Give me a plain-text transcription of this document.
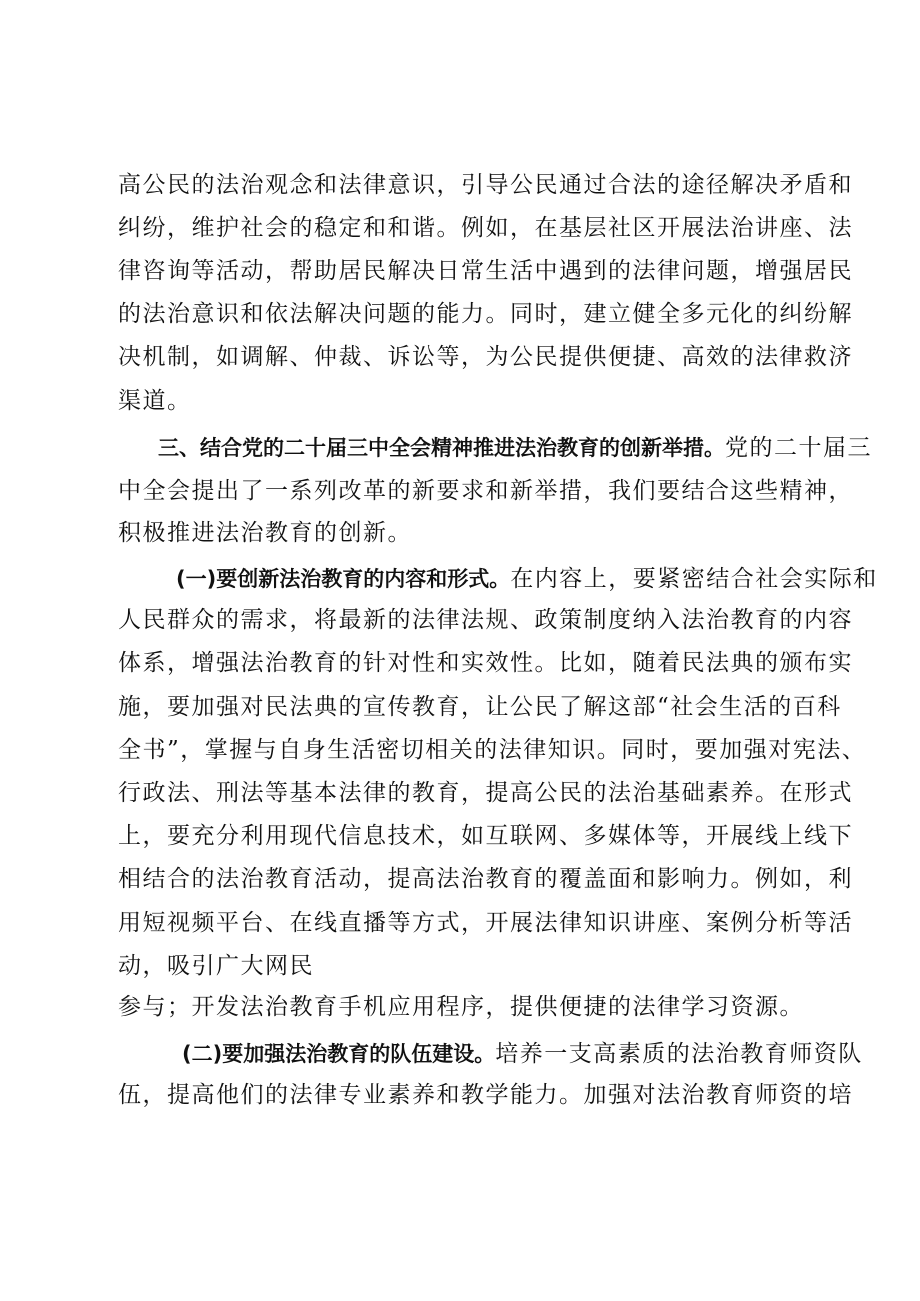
高公民的法治观念和法律意识，引导公民通过合法的途径解决矛盾和
纠纷，维护社会的稳定和和谐。例如，在基层社区开展法治讲座、法
律咨询等活动，帮助居民解决日常生活中遇到的法律问题，增强居民
的法治意识和依法解决问题的能力。同时，建立健全多元化的纠纷解
决机制，如调解、仲裁、诉讼等，为公民提供便捷、高效的法律救济
渠道。
三、结合党的二十届三中全会精神推进法治教育的创新举措。党的二十届三
中全会提出了一系列改革的新要求和新举措，我们要结合这些精神，
积极推进法治教育的创新。
(一)要创新法治教育的内容和形式。在内容上，要紧密结合社会实际和
人民群众的需求，将最新的法律法规、政策制度纳入法治教育的内容
体系，增强法治教育的针对性和实效性。比如，随着民法典的颁布实
施，要加强对民法典的宣传教育，让公民了解这部“社会生活的百科
全书”，掌握与自身生活密切相关的法律知识。同时，要加强对宪法、
行政法、刑法等基本法律的教育，提高公民的法治基础素养。在形式
上，要充分利用现代信息技术，如互联网、多媒体等，开展线上线下
相结合的法治教育活动，提高法治教育的覆盖面和影响力。例如，利
用短视频平台、在线直播等方式，开展法律知识讲座、案例分析等活
动，吸引广大网民
参与；开发法治教育手机应用程序，提供便捷的法律学习资源。
(二)要加强法治教育的队伍建设。培养一支高素质的法治教育师资队
伍，提高他们的法律专业素养和教学能力。加强对法治教育师资的培
